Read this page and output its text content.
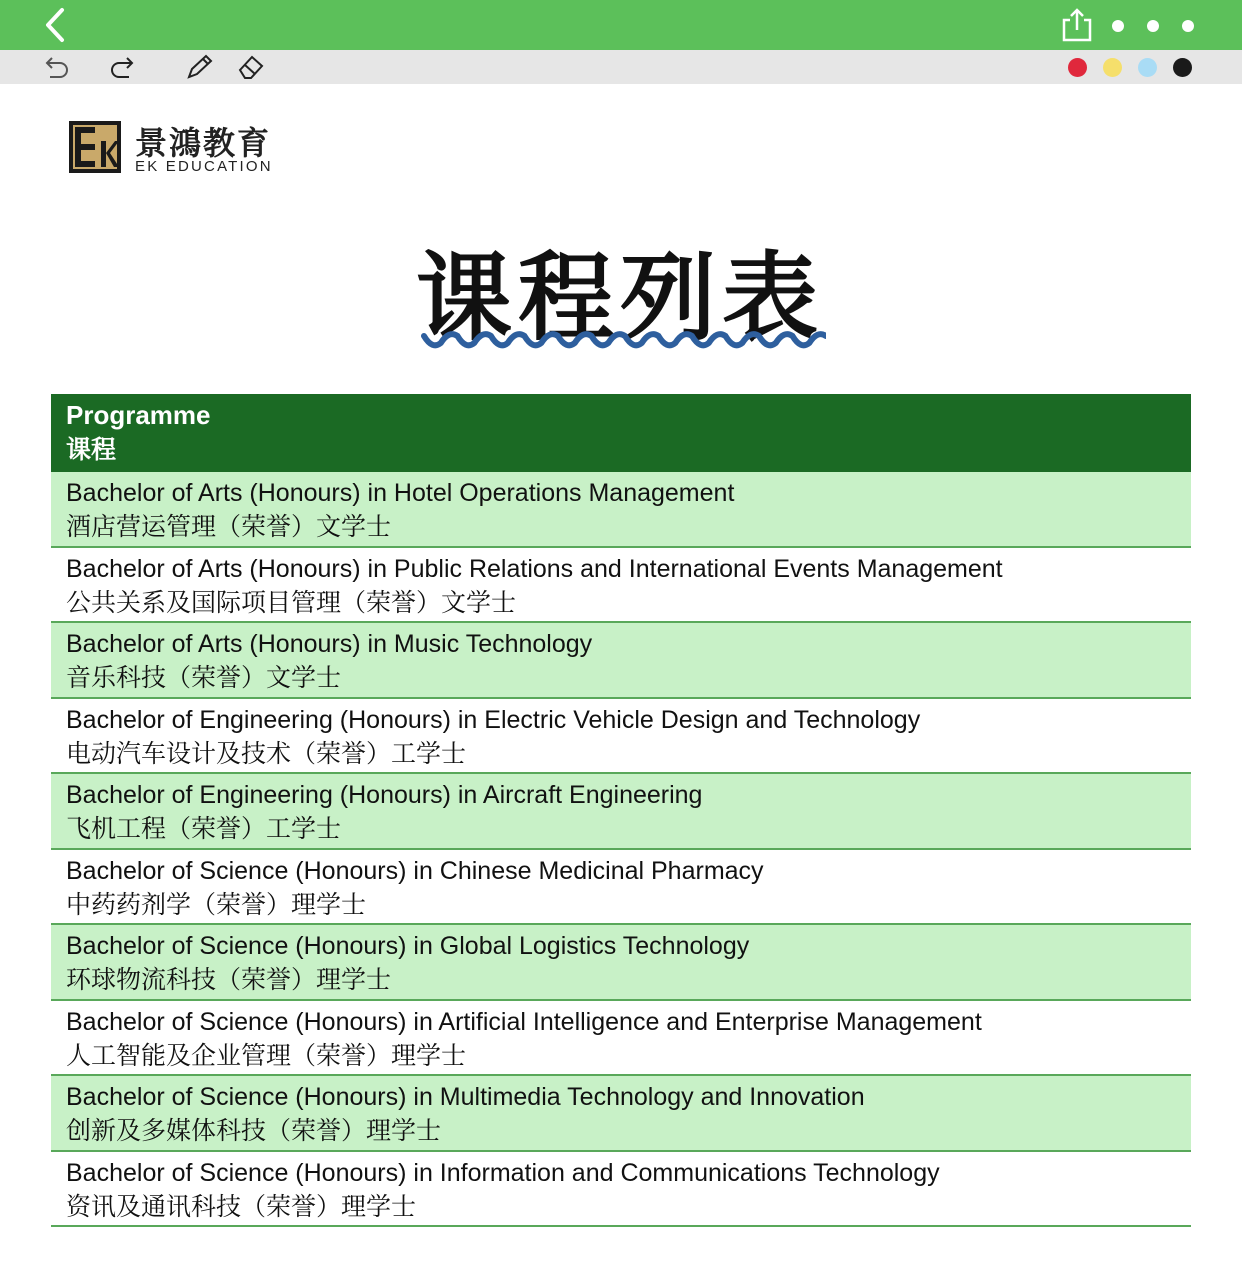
景鴻教育
EK EDUCATION
课程列表
Programme
课程
Bachelor of Arts (Honours) in Hotel Operations Management
酒店营运管理（荣誉）文学士
Bachelor of Arts (Honours) in Public Relations and International Events Management
公共关系及国际项目管理（荣誉）文学士
Bachelor of Arts (Honours) in Music Technology
音乐科技（荣誉）文学士
Bachelor of Engineering (Honours) in Electric Vehicle Design and Technology
电动汽车设计及技术（荣誉）工学士
Bachelor of Engineering (Honours) in Aircraft Engineering
飞机工程（荣誉）工学士
Bachelor of Science (Honours) in Chinese Medicinal Pharmacy
中药药剂学（荣誉）理学士
Bachelor of Science (Honours) in Global Logistics Technology
环球物流科技（荣誉）理学士
Bachelor of Science (Honours) in Artificial Intelligence and Enterprise Management
人工智能及企业管理（荣誉）理学士
Bachelor of Science (Honours) in Multimedia Technology and Innovation
创新及多媒体科技（荣誉）理学士
Bachelor of Science (Honours) in Information and Communications Technology
资讯及通讯科技（荣誉）理学士
